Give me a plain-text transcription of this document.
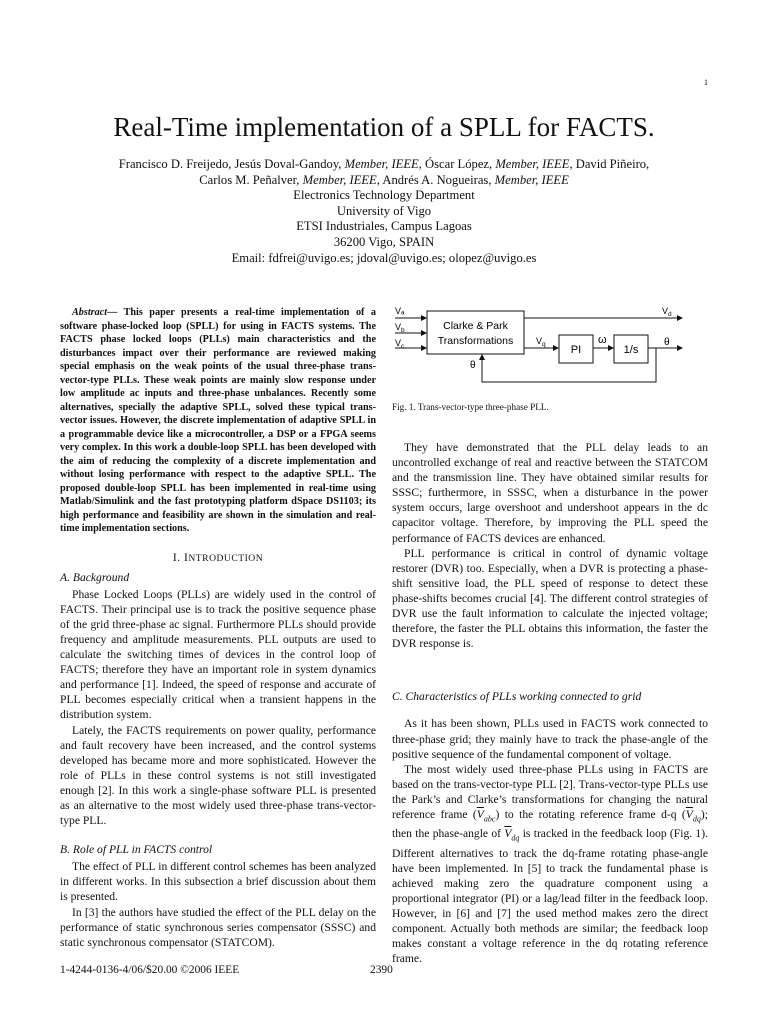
1
Real-Time implementation of a SPLL for FACTS.
Francisco D. Freijedo, Jesús Doval-Gandoy, Member, IEEE, Óscar López, Member, IEEE, David Piñeiro,
Carlos M. Peñalver, Member, IEEE, Andrés A. Nogueiras, Member, IEEE
Electronics Technology Department
University of Vigo
ETSI Industriales, Campus Lagoas
36200 Vigo, SPAIN
Email: fdfrei@uvigo.es; jdoval@uvigo.es; olopez@uvigo.es
Abstract— This paper presents a real-time implementation of a software phase-locked loop (SPLL) for using in FACTS systems. The FACTS phase locked loops (PLLs) main characteristics and the disturbances impact over their performance are reviewed making special emphasis on the weak points of the usual three-phase trans-vector-type PLLs. These weak points are mainly slow response under low amplitude ac inputs and three-phase unbalances. Recently some alternatives, specially the adaptive SPLL, solved these typical trans-vector issues. However, the discrete implementation of adaptive SPLL in a programmable device like a microcontroller, a DSP or a FPGA seems very complex. In this work a double-loop SPLL has been developed with the aim of reducing the complexity of a discrete implementation and without losing performance with respect to the adaptive SPLL. The proposed double-loop SPLL has been implemented in real-time using Matlab/Simulink and the fast prototyping platform dSpace DS1103; its high performance and feasibility are shown in the simulation and real-time implementation sections.
I. INTRODUCTION
A. Background

Phase Locked Loops (PLLs) are widely used in the control of FACTS. Their principal use is to track the positive sequence phase of the grid three-phase ac signal. Furthermore PLLs should provide frequency and amplitude measurements. PLL outputs are used to calculate the switching times of devices in the control loop of FACTS; therefore they have an important role in system dynamics and performance [1]. Indeed, the speed of response and accurate of PLL becomes especially critical when a transient happens in the distribution system.

Lately, the FACTS requirements on power quality, performance and fault recovery have been increased, and the control systems developed has became more and more sophisticated. However the role of PLLs in these control systems is not still investigated enough [2]. In this work a single-phase software PLL is presented as an alternative to the most widely used three-phase trans-vector-type PLL.

B. Role of PLL in FACTS control

The effect of PLL in different control schemes has been analyzed in different works. In this subsection a brief discussion about them is presented.

In [3] the authors have studied the effect of the PLL delay on the performance of static synchronous series compensator (SSSC) and static synchronous compensator (STATCOM).

Vₐ
$V_b$
$V_c$
Clarke & Park
Transformations
$V_d$
$V_q$ PI
ω
1/s
θ
θ
Fig. 1. Trans-vector-type three-phase PLL.

They have demonstrated that the PLL delay leads to an uncontrolled exchange of real and reactive between the STATCOM and the transmission line. They have obtained similar results for SSSC; furthermore, in SSSC, when a disturbance in the power system occurs, large overshoot and undershoot appears in the dc capacitor voltage. Therefore, by improving the PLL speed the performance of FACTS devices are enhanced.

PLL performance is critical in control of dynamic voltage restorer (DVR) too. Especially, when a DVR is protecting a phase-shift sensitive load, the PLL speed of response to detect these phase-shifts becomes crucial [4]. The different control strategies of DVR use the fault information to calculate the injected voltage; therefore, the faster the PLL obtains this information, the faster the DVR response is.

C. Characteristics of PLLs working connected to grid

As it has been shown, PLLs used in FACTS work connected to three-phase grid; they mainly have to track the phase-angle of the positive sequence of the fundamental component of voltage.

The most widely used three-phase PLLs using in FACTS are based on the trans-vector-type PLL [2]. Trans-vector-type PLLs use the Park’s and Clarke’s transformations for changing the natural reference frame $(\overline{V}_{abc})$ to the rotating reference frame d-q $(\overline{V}_{dq})$; then the phase-angle of $\overline{V}_{dq}$ is tracked in the feedback loop (Fig. 1). Different alternatives to track the dq-frame rotating phase-angle have been implemented. In [5] to track the fundamental phase is achieved making zero the quadrature component using a proportional integrator (PI) or a lag/lead filter in the feedback loop. However, in [6] and [7] the used method makes zero the direct component. Actually both methods are similar; the feedback loop makes constant a voltage reference in the dq rotating reference frame.

1-4244-0136-4/06/$20.00 ©2006 IEEE	2390
